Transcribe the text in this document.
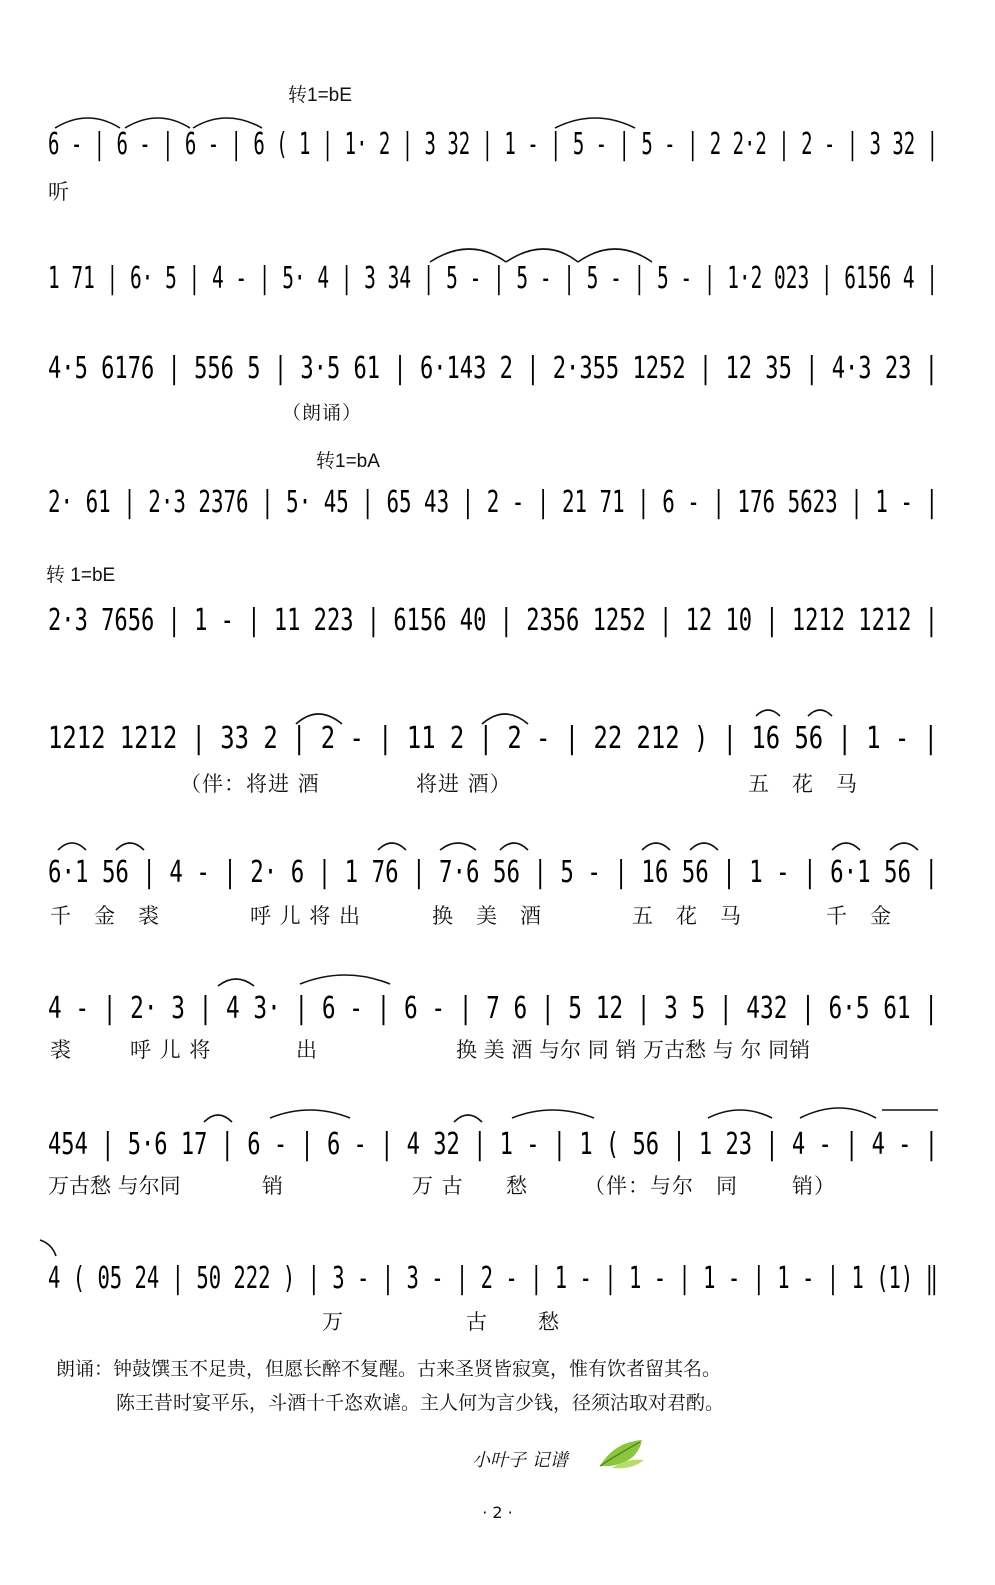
转1=bE
转1=bA
转 1=bE
6 - | 6 - | 6 - | 6 ( 1 | 1· 2 | 3 32 | 1 - | 5 - | 5 - | 2 2·2 | 2 - | 3 32 |
听
1 71 | 6· 5 | 4 - | 5· 4 | 3 34 | 5 - | 5 - | 5 - | 5 - | 1·2 023 | 6156 4 |
4·5 6176 | 556 5 | 3·5 61 | 6·143 2 | 2·355 1252 | 12 35 | 4·3 23 |
（朗诵）
2· 61 | 2·3 2376 | 5· 45 | 65 43 | 2 - | 21 71 | 6 - | 176 5623 | 1 - |
2·3 7656 | 1 - | 11 223 | 6156 40 | 2356 1252 | 12 10 | 1212 1212 |
1212 1212 | 33 2 | 2 - | 11 2 | 2 - | 22 212 ) | 16 56 | 1 - |
（伴：将进 酒	将进 酒）	五　花　马
6·1 56 | 4 - | 2· 6 | 1 76 | 7·6 56 | 5 - | 16 56 | 1 - | 6·1 56 |
千　金　裘	呼 儿 将 出	换　美　酒	五　花　马	千　金
4 - | 2· 3 | 4 3· | 6 - | 6 - | 7 6 | 5 12 | 3 5 | 432 | 6·5 61 |
裘	呼 儿 将	出	换 美 酒 与尔 同 销 万古愁 与 尔 同销
454 | 5·6 17 | 6 - | 6 - | 4 32 | 1 - | 1 ( 56 | 1 23 | 4 - | 4 - |
万古愁 与尔同	销	万 古 愁	（伴：与尔　同	销）
4 ( 05 24 | 50 222 ) | 3 - | 3 - | 2 - | 1 - | 1 - | 1 - | 1 - | 1 (1) ‖
万	古 愁
朗诵：钟鼓馔玉不足贵，但愿长醉不复醒。古来圣贤皆寂寞，惟有饮者留其名。
陈王昔时宴平乐，斗酒十千恣欢谑。主人何为言少钱，径须沽取对君酌。
小叶子 记谱
· 2 ·
